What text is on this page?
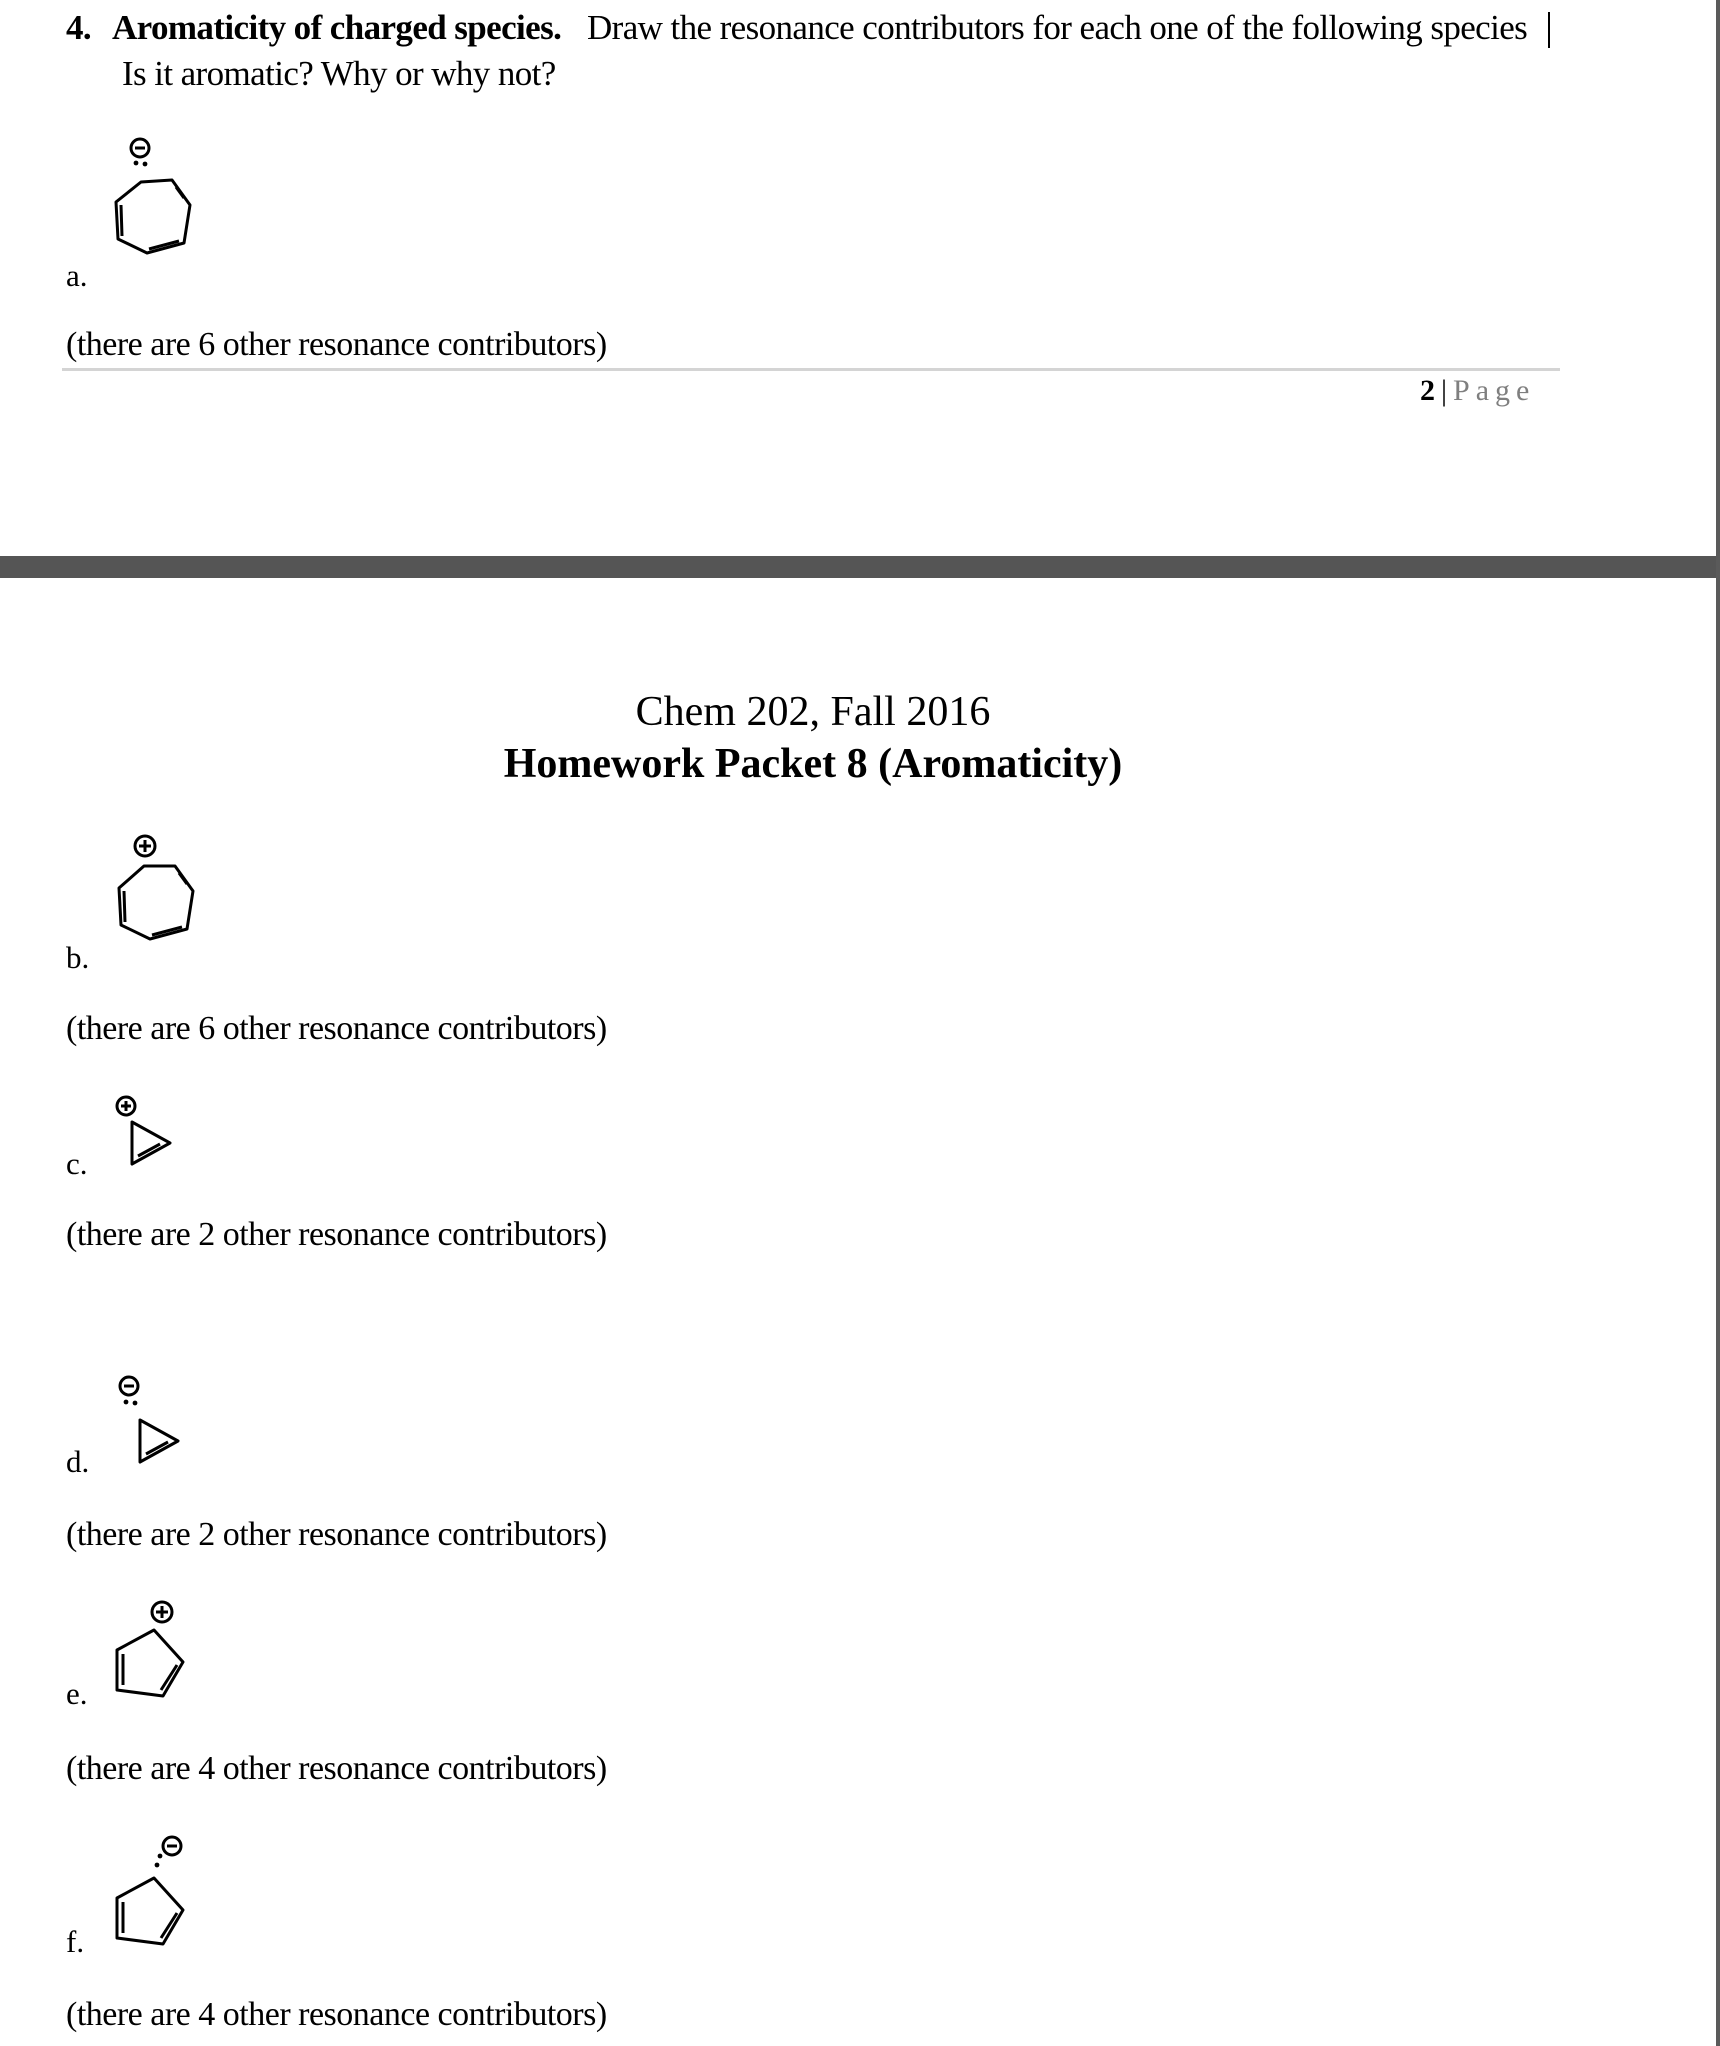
4. Aromaticity of charged species. Draw the resonance contributors for each one of the following species
Is it aromatic? Why or why not?
a.
(there are 6 other resonance contributors)
2 | Page
Chem 202, Fall 2016
Homework Packet 8 (Aromaticity)
b.
(there are 6 other resonance contributors)
c.
(there are 2 other resonance contributors)
d.
(there are 2 other resonance contributors)
e.
(there are 4 other resonance contributors)
f.
(there are 4 other resonance contributors)
